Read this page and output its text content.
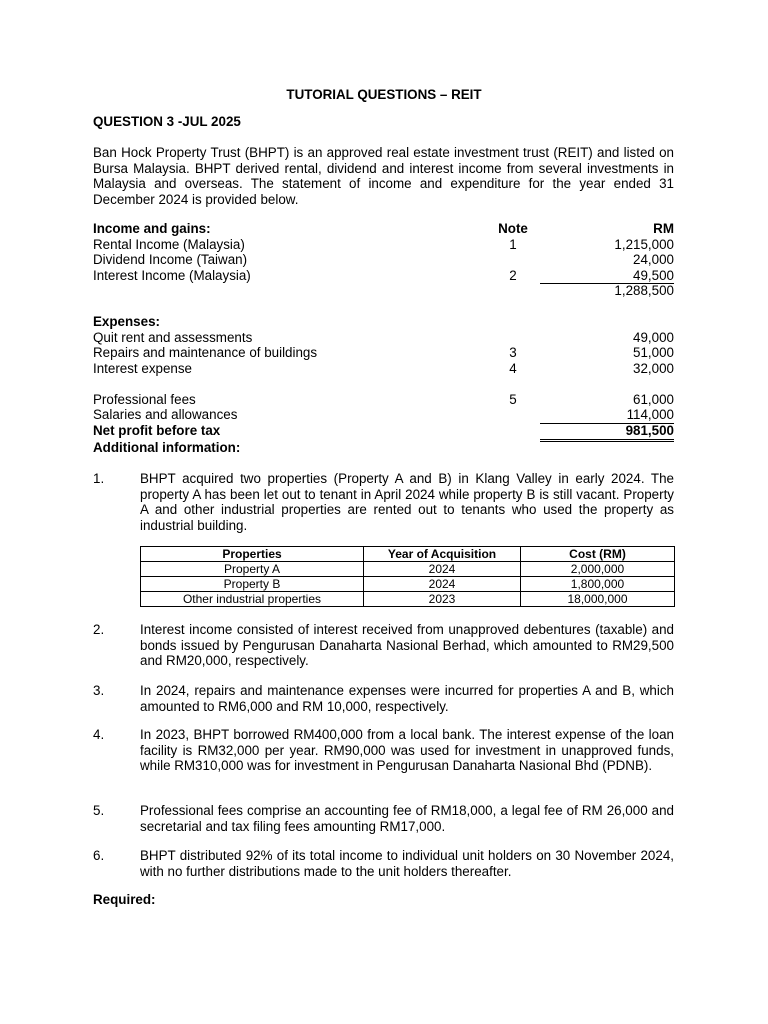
TUTORIAL QUESTIONS – REIT
QUESTION 3 -JUL 2025
Ban Hock Property Trust (BHPT) is an approved real estate investment trust (REIT) and listed on Bursa Malaysia. BHPT derived rental, dividend and interest income from several investments in Malaysia and overseas. The statement of income and expenditure for the year ended 31 December 2024 is provided below.
Income and gains:	Note	RM
Rental Income (Malaysia)	1	1,215,000
Dividend Income (Taiwan)	24,000
Interest Income (Malaysia)	2	49,500
1,288,500
Expenses:
Quit rent and assessments	49,000
Repairs and maintenance of buildings	3	51,000
Interest expense	4	32,000
Professional fees	5	61,000
Salaries and allowances	114,000
Net profit before tax	981,500
Additional information:
1.	BHPT acquired two properties (Property A and B) in Klang Valley in early 2024. The property A has been let out to tenant in April 2024 while property B is still vacant. Property A and other industrial properties are rented out to tenants who used the property as industrial building.
Properties	Year of Acquisition	Cost (RM)
Property A	2024	2,000,000
Property B	2024	1,800,000
Other industrial properties	2023	18,000,000
2.	Interest income consisted of interest received from unapproved debentures (taxable) and bonds issued by Pengurusan Danaharta Nasional Berhad, which amounted to RM29,500 and RM20,000, respectively.
3.	In 2024, repairs and maintenance expenses were incurred for properties A and B, which amounted to RM6,000 and RM 10,000, respectively.
4.	In 2023, BHPT borrowed RM400,000 from a local bank. The interest expense of the loan facility is RM32,000 per year. RM90,000 was used for investment in unapproved funds, while RM310,000 was for investment in Pengurusan Danaharta Nasional Bhd (PDNB).
5.	Professional fees comprise an accounting fee of RM18,000, a legal fee of RM 26,000 and secretarial and tax filing fees amounting RM17,000.
6.	BHPT distributed 92% of its total income to individual unit holders on 30 November 2024, with no further distributions made to the unit holders thereafter.
Required:
